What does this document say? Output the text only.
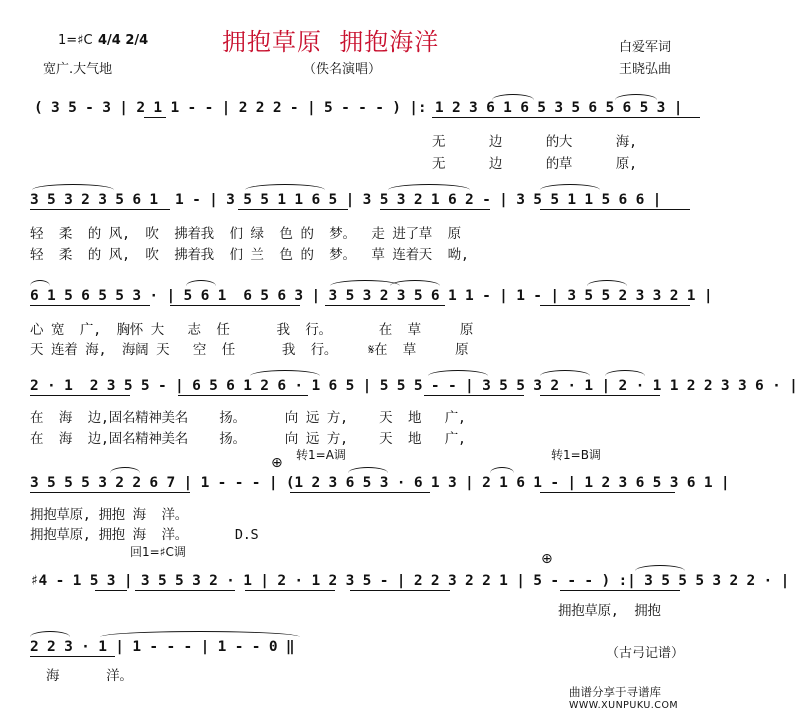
1=♯C 4/4 2/4
宽广.大气地
拥抱草原  拥抱海洋
（佚名演唱）
白爱军词
王晓弘曲
( 3 5 - 3 | 2 1 1 - - | 2 2 2 - | 5 - - - ) |: 1 2 3 6 1 6 5 3 5 6 5 6 5 3 |
无  边  的大  海,
无  边  的草  原,
3 5 3 2 3 5 6 1  1 - | 3 5 5 1 1 6 5 | 3 5 3 2 1 6 2 - | 3 5 5 1 1 5 6 6 |
轻  柔  的 风,  吹  拂着我  们 绿  色 的  梦。  走 进了草  原
轻  柔  的 风,  吹  拂着我  们 兰  色 的  梦。  草 连着天  呦,
6 1 5 6 5 5 3 · | 5 6 1  6 5 6 3 | 3 5 3 2 3 5 6 1 1 - | 1 - | 3 5 5 2 3 3 2 1 |
心 宽  广,  胸怀 大   志  任      我  行。      在  草     原
天 连着 海,  海阔 天   空  任      我  行。    𝄋在  草     原
2 · 1  2 3 5 5 - | 6 5 6 1 2 6 · 1 6 5 | 5 5 5 - - | 3 5 5 3 2 · 1 | 2 · 1 1 2 2 3 3 6 · |
在  海  边,固名精神美名    扬。     向 远 方,    天  地   广,
在  海  边,固名精神美名    扬。     向 远 方,    天  地   广,
转1=A调	转1=B调
⊕
3 5 5 5 3 2 2 6 7 | 1 - - - | (1 2 3 6 5 3 · 6 1 3 | 2 1 6 1 - | 1 2 3 6 5 3 6 1 |
拥抱草原, 拥抱 海  洋。
拥抱草原, 拥抱 海  洋。      D.S
回1=♯C调	⊕
♯4 - 1 5 3 | 3 5 5 3 2 · 1 | 2 · 1 2 3 5 - | 2 2 3 2 2 1 | 5 - - - ) :| 3 5 5 5 3 2 2 · |
拥抱草原,  拥抱
2 2 3 · 1 | 1 - - - | 1 - - 0 ‖
海      洋。
（古弓记谱）
曲谱分享于寻谱库
WWW.XUNPUKU.COM
